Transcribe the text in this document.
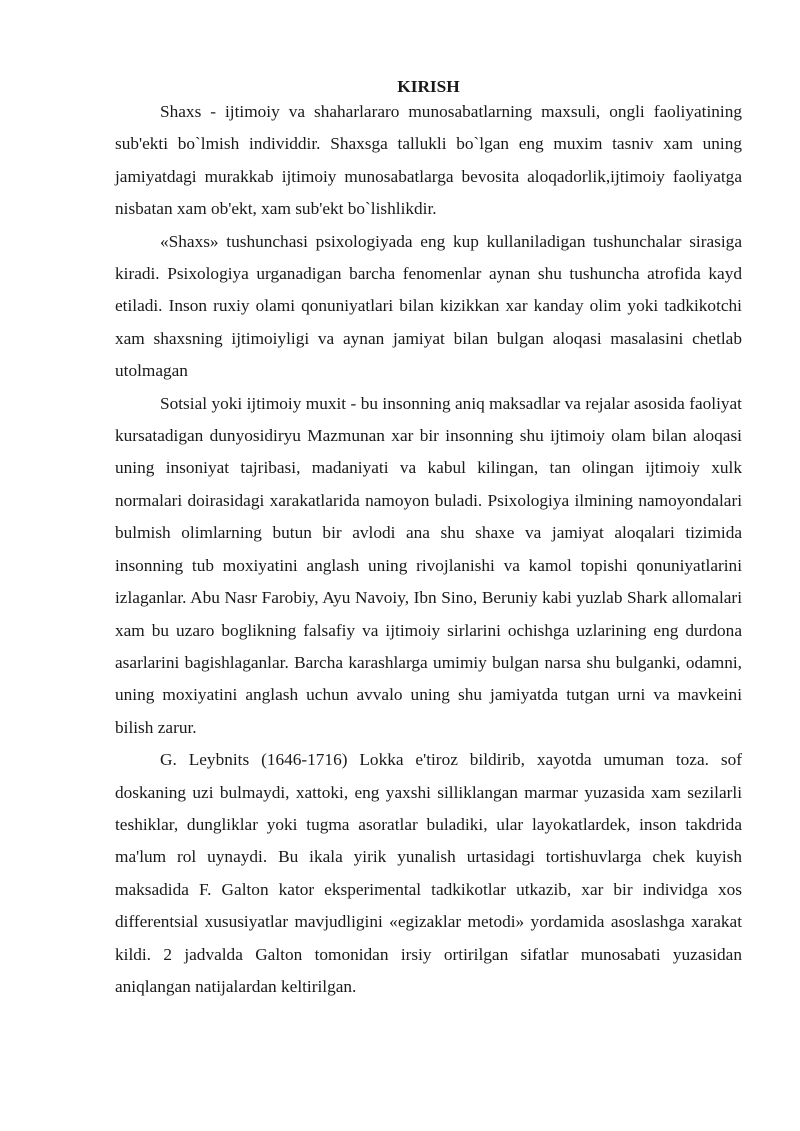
KIRISH

Shaxs - ijtimoiy va shaharlararo munosabatlarning maxsuli, ongli faoliyatining sub'ekti bo`lmish individdir. Shaxsga tallukli bo`lgan eng muxim tasniv xam uning jamiyatdagi murakkab ijtimoiy munosabatlarga bevosita aloqadorlik,ijtimoiy faoliyatga nisbatan xam ob'ekt, xam sub'ekt bo`lishlikdir.

«Shaxs» tushunchasi psixologiyada eng kup kullaniladigan tushunchalar sirasiga kiradi. Psixologiya urganadigan barcha fenomenlar aynan shu tushuncha atrofida kayd etiladi. Inson ruxiy olami qonuniyatlari bilan kizikkan xar kanday olim yoki tadkikotchi xam shaxsning ijtimoiyligi va aynan jamiyat bilan bulgan aloqasi masalasini chetlab utolmagan

Sotsial yoki ijtimoiy muxit - bu insonning aniq maksadlar va rejalar asosida faoliyat kursatadigan dunyosidiryu Mazmunan xar bir insonning shu ijtimoiy olam bilan aloqasi uning insoniyat tajribasi, madaniyati va kabul kilingan, tan olingan ijtimoiy xulk normalari doirasidagi xarakatlarida namoyon buladi. Psixologiya ilmining namoyondalari bulmish olimlarning butun bir avlodi ana shu shaxe va jamiyat aloqalari tizimida insonning tub moxiyatini anglash uning rivojlanishi va kamol topishi qonuniyatlarini izlaganlar. Abu Nasr Farobiy, Ayu Navoiy, Ibn Sino, Beruniy kabi yuzlab Shark allomalari xam bu uzaro boglikning falsafiy va ijtimoiy sirlarini ochishga uzlarining eng durdona asarlarini bagishlaganlar. Barcha karashlarga umimiy bulgan narsa shu bulganki, odamni, uning moxiyatini anglash uchun avvalo uning shu jamiyatda tutgan urni va mavkeini bilish zarur.

G. Leybnits (1646-1716) Lokka e'tiroz bildirib, xayotda umuman toza. sof doskaning uzi bulmaydi, xattoki, eng yaxshi silliklangan marmar yuzasida xam sezilarli teshiklar, dungliklar yoki tugma asoratlar buladiki, ular layokatlardek, inson takdrida ma'lum rol uynaydi. Bu ikala yirik yunalish urtasidagi tortishuvlarga chek kuyish maksadida F. Galton kator eksperimental tadkikotlar utkazib, xar bir individga xos differentsial xususiyatlar mavjudligini «egizaklar metodi» yordamida asoslashga xarakat kildi. 2 jadvalda Galton tomonidan irsiy ortirilgan sifatlar munosabati yuzasidan aniqlangan natijalardan keltirilgan.
